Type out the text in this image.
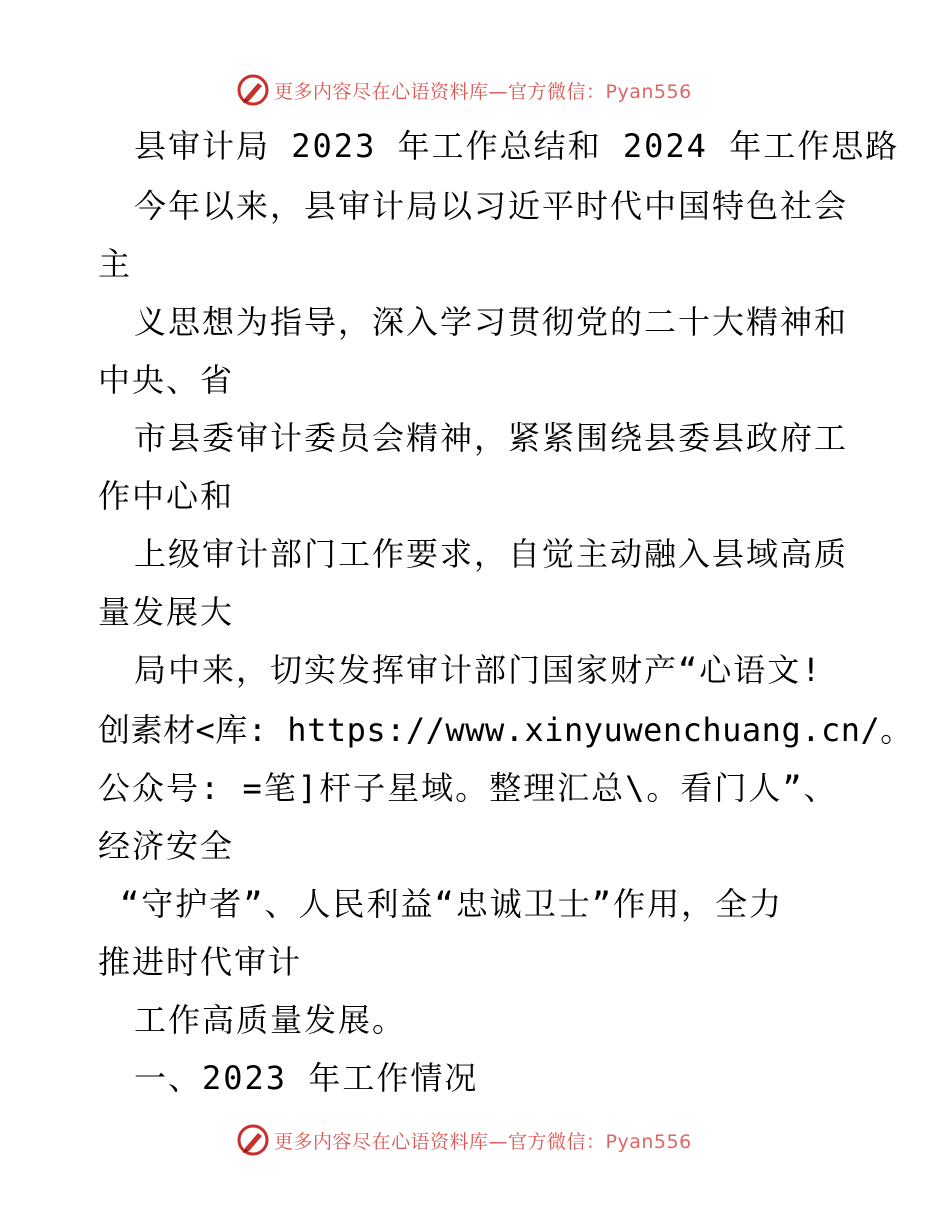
更多内容尽在心语资料库—官方微信：Pyan556
县审计局 2023 年工作总结和 2024 年工作思路
今年以来，县审计局以习近平时代中国特色社会
主
义思想为指导，深入学习贯彻党的二十大精神和
中央、省
市县委审计委员会精神，紧紧围绕县委县政府工
作中心和
上级审计部门工作要求，自觉主动融入县域高质
量发展大
局中来，切实发挥审计部门国家财产“心语文!
创素材<库: https://www.xinyuwenchuang.cn/。
公众号: =笔]杆子星域。整理汇总\。看门人”、
经济安全
“守护者”、人民利益“忠诚卫士”作用，全力
推进时代审计
工作高质量发展。
一、2023 年工作情况
更多内容尽在心语资料库—官方微信：Pyan556
